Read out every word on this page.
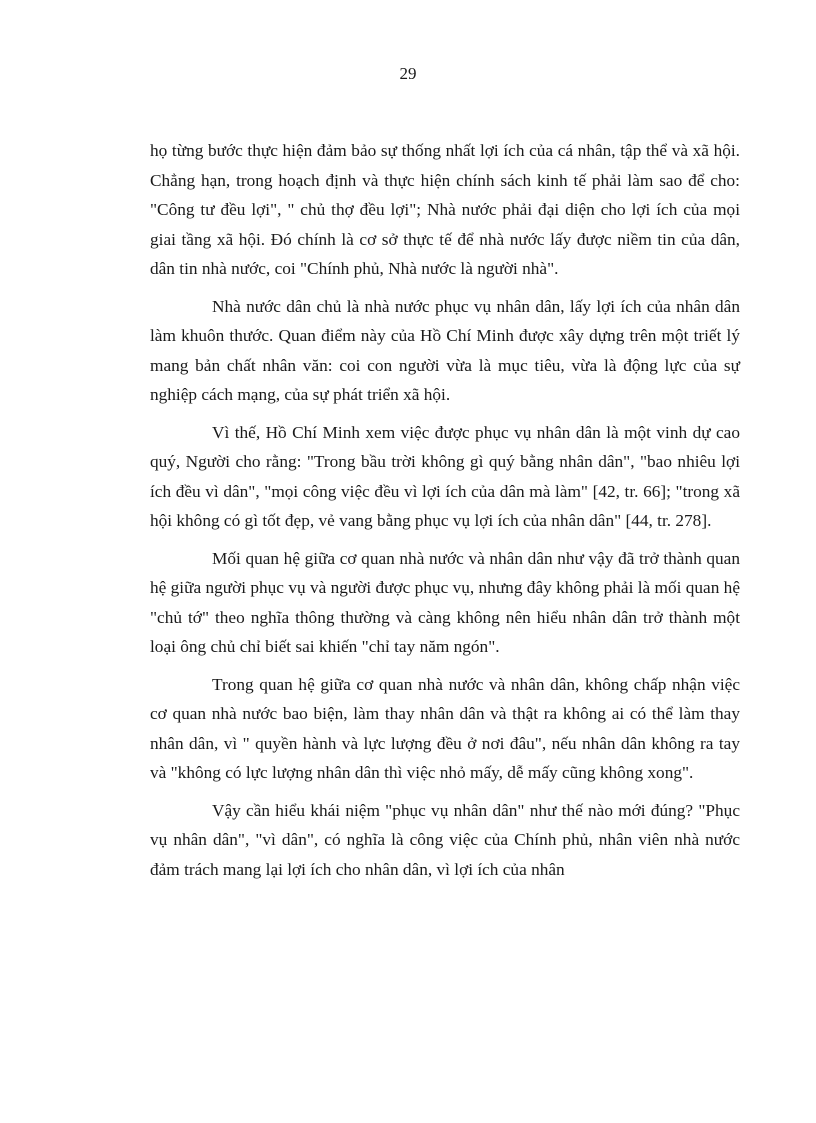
29

họ từng bước thực hiện đảm bảo sự thống nhất lợi ích của cá nhân, tập thể và xã hội. Chẳng hạn, trong hoạch định và thực hiện chính sách kinh tế phải làm sao để cho: "Công tư đều lợi", " chủ thợ đều lợi"; Nhà nước phải đại diện cho lợi ích của mọi giai tầng xã hội. Đó chính là cơ sở thực tế để nhà nước lấy được niềm tin của dân, dân tin nhà nước, coi "Chính phủ, Nhà nước là người nhà".

Nhà nước dân chủ là nhà nước phục vụ nhân dân, lấy lợi ích của nhân dân làm khuôn thước. Quan điểm này của Hồ Chí Minh được xây dựng trên một triết lý mang bản chất nhân văn: coi con người vừa là mục tiêu, vừa là động lực của sự nghiệp cách mạng, của sự phát triển xã hội.

Vì thế, Hồ Chí Minh xem việc được phục vụ nhân dân là một vinh dự cao quý, Người cho rằng: "Trong bầu trời không gì quý bằng nhân dân", "bao nhiêu lợi ích đều vì dân", "mọi công việc đều vì lợi ích của dân mà làm" [42, tr. 66]; "trong xã hội không có gì tốt đẹp, vẻ vang bằng phục vụ lợi ích của nhân dân" [44, tr. 278].

Mối quan hệ giữa cơ quan nhà nước và nhân dân như vậy đã trở thành quan hệ giữa người phục vụ và người được phục vụ, nhưng đây không phải là mối quan hệ "chủ tớ" theo nghĩa thông thường và càng không nên hiểu nhân dân trở thành một loại ông chủ chỉ biết sai khiến "chỉ tay năm ngón".

Trong quan hệ giữa cơ quan nhà nước và nhân dân, không chấp nhận việc cơ quan nhà nước bao biện, làm thay nhân dân và thật ra không ai có thể làm thay nhân dân, vì " quyền hành và lực lượng đều ở nơi đâu", nếu nhân dân không ra tay và "không có lực lượng nhân dân thì việc nhỏ mấy, dễ mấy cũng không xong".

Vậy cần hiểu khái niệm "phục vụ nhân dân" như thế nào mới đúng? "Phục vụ nhân dân", "vì dân", có nghĩa là công việc của Chính phủ, nhân viên nhà nước đảm trách mang lại lợi ích cho nhân dân, vì lợi ích của nhân
